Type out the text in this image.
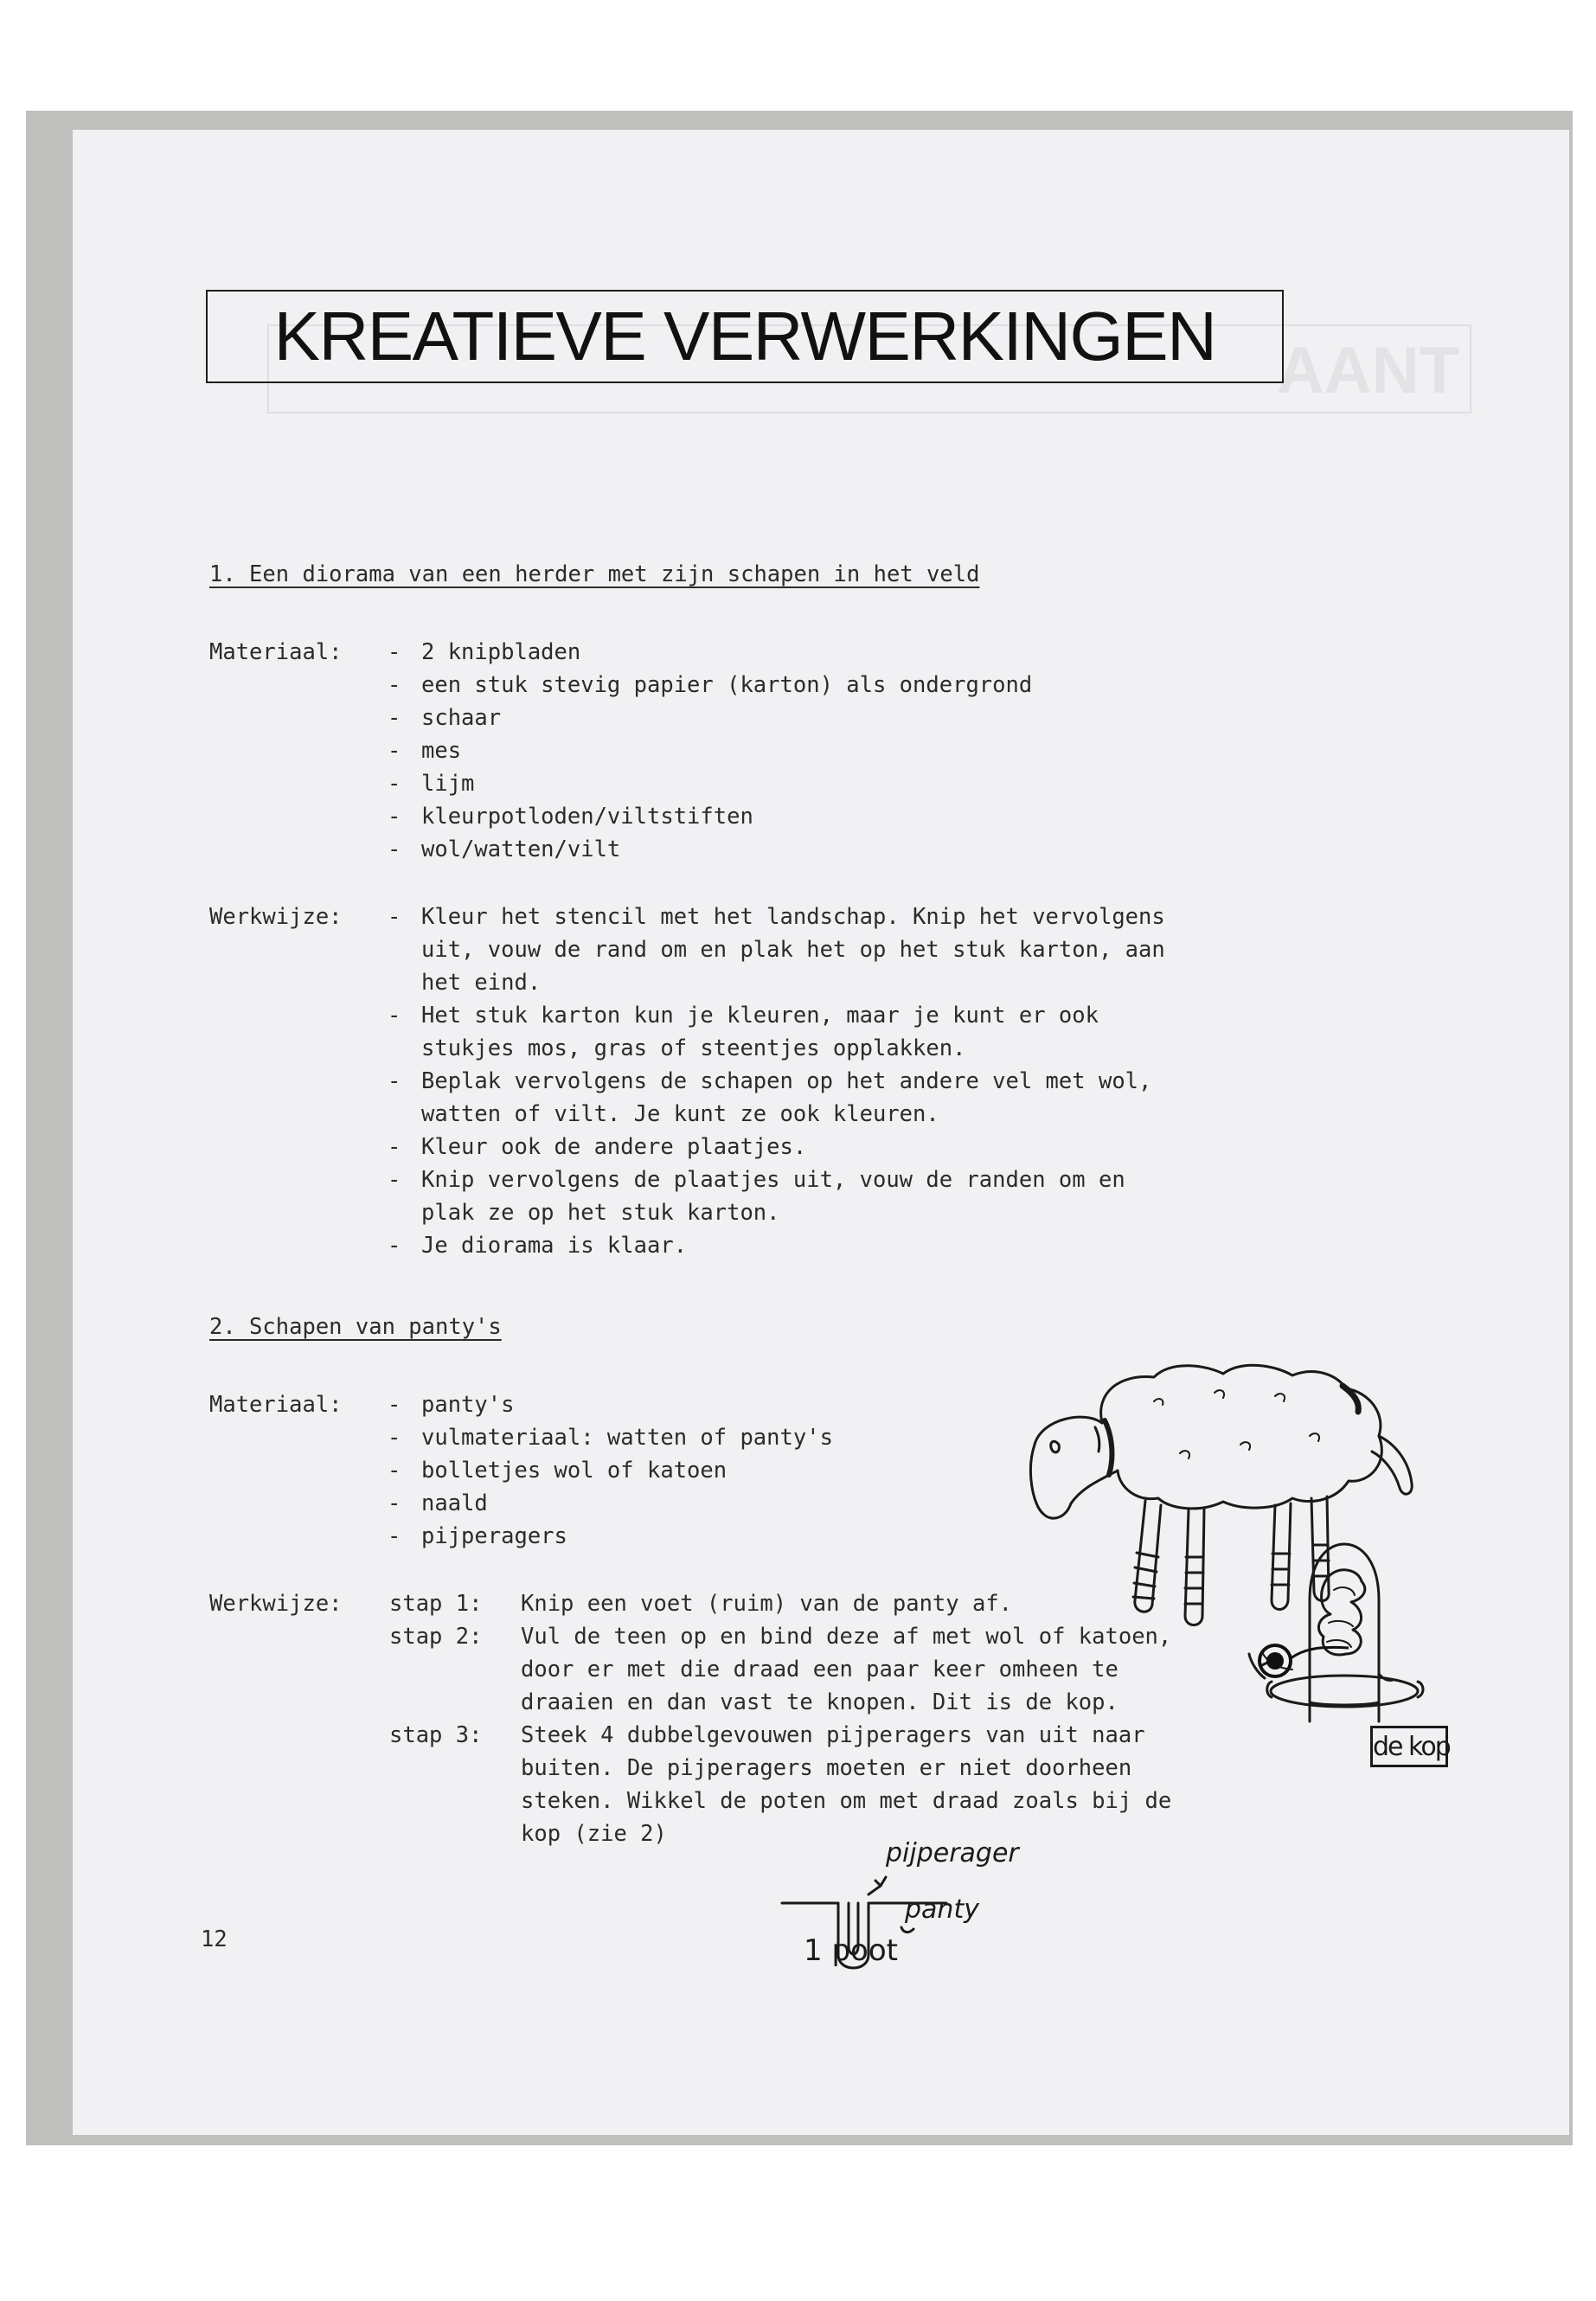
AANT
KREATIEVE VERWERKINGEN
1. Een diorama van een herder met zijn schapen in het veld
Materiaal: - 2 knipbladen
- een stuk stevig papier (karton) als ondergrond
- schaar
- mes
- lijm
- kleurpotloden/viltstiften
- wol/watten/vilt
Werkwijze: - Kleur het stencil met het landschap. Knip het vervolgens
uit, vouw de rand om en plak het op het stuk karton, aan
het eind.
- Het stuk karton kun je kleuren, maar je kunt er ook
stukjes mos, gras of steentjes opplakken.
- Beplak vervolgens de schapen op het andere vel met wol,
watten of vilt. Je kunt ze ook kleuren.
- Kleur ook de andere plaatjes.
- Knip vervolgens de plaatjes uit, vouw de randen om en
plak ze op het stuk karton.
- Je diorama is klaar.
2. Schapen van panty's
Materiaal: - panty's
- vulmateriaal: watten of panty's
- bolletjes wol of katoen
- naald
- pijperagers
Werkwijze: stap 1: Knip een voet (ruim) van de panty af.
stap 2: Vul de teen op en bind deze af met wol of katoen,
door er met die draad een paar keer omheen te
draaien en dan vast te knopen. Dit is de kop.
stap 3: Steek 4 dubbelgevouwen pijperagers van uit naar
buiten. De pijperagers moeten er niet doorheen
steken. Wikkel de poten om met draad zoals bij de
kop (zie 2)
de kop
pijperager
panty
1 poot
12
